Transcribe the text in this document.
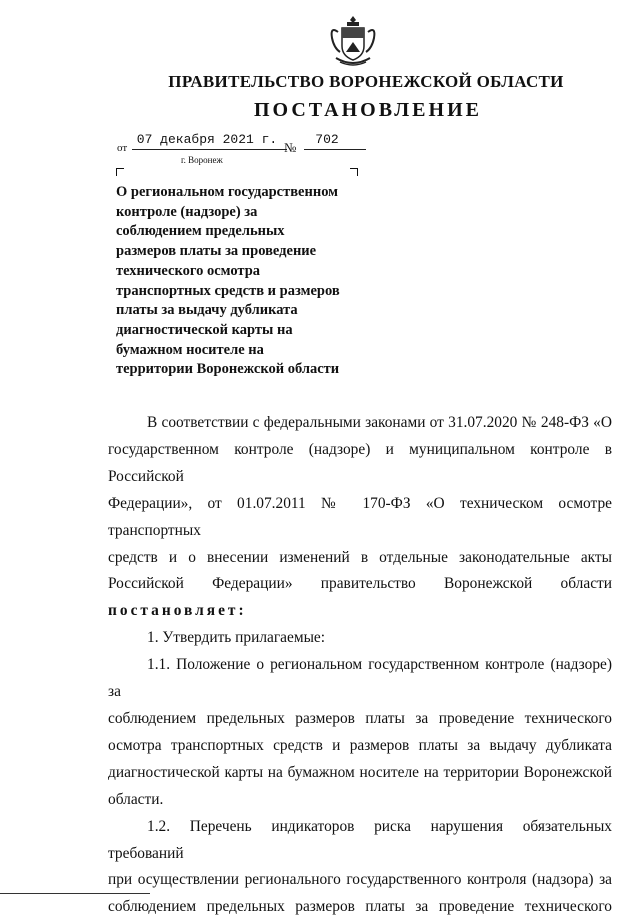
ПРАВИТЕЛЬСТВО ВОРОНЕЖСКОЙ ОБЛАСТИ
ПОСТАНОВЛЕНИЕ
от
07 декабря 2021 г.
№
702
г. Воронеж
О региональном государственном
контроле (надзоре) за
соблюдением предельных
размеров платы за проведение
технического осмотра
транспортных средств и размеров
платы за выдачу дубликата
диагностической карты на
бумажном носителе на
территории Воронежской области
В соответствии с федеральными законами от 31.07.2020 № 248-ФЗ «О
государственном контроле (надзоре) и муниципальном контроле в Российской
Федерации», от 01.07.2011 № 170-ФЗ «О техническом осмотре транспортных
средств и о внесении изменений в отдельные законодательные акты
Российской Федерации» правительство Воронежской области
постановляет:
1. Утвердить прилагаемые:
1.1. Положение о региональном государственном контроле (надзоре) за
соблюдением предельных размеров платы за проведение технического
осмотра транспортных средств и размеров платы за выдачу дубликата
диагностической карты на бумажном носителе на территории Воронежской
области.
1.2. Перечень индикаторов риска нарушения обязательных требований
при осуществлении регионального государственного контроля (надзора) за
соблюдением предельных размеров платы за проведение технического
